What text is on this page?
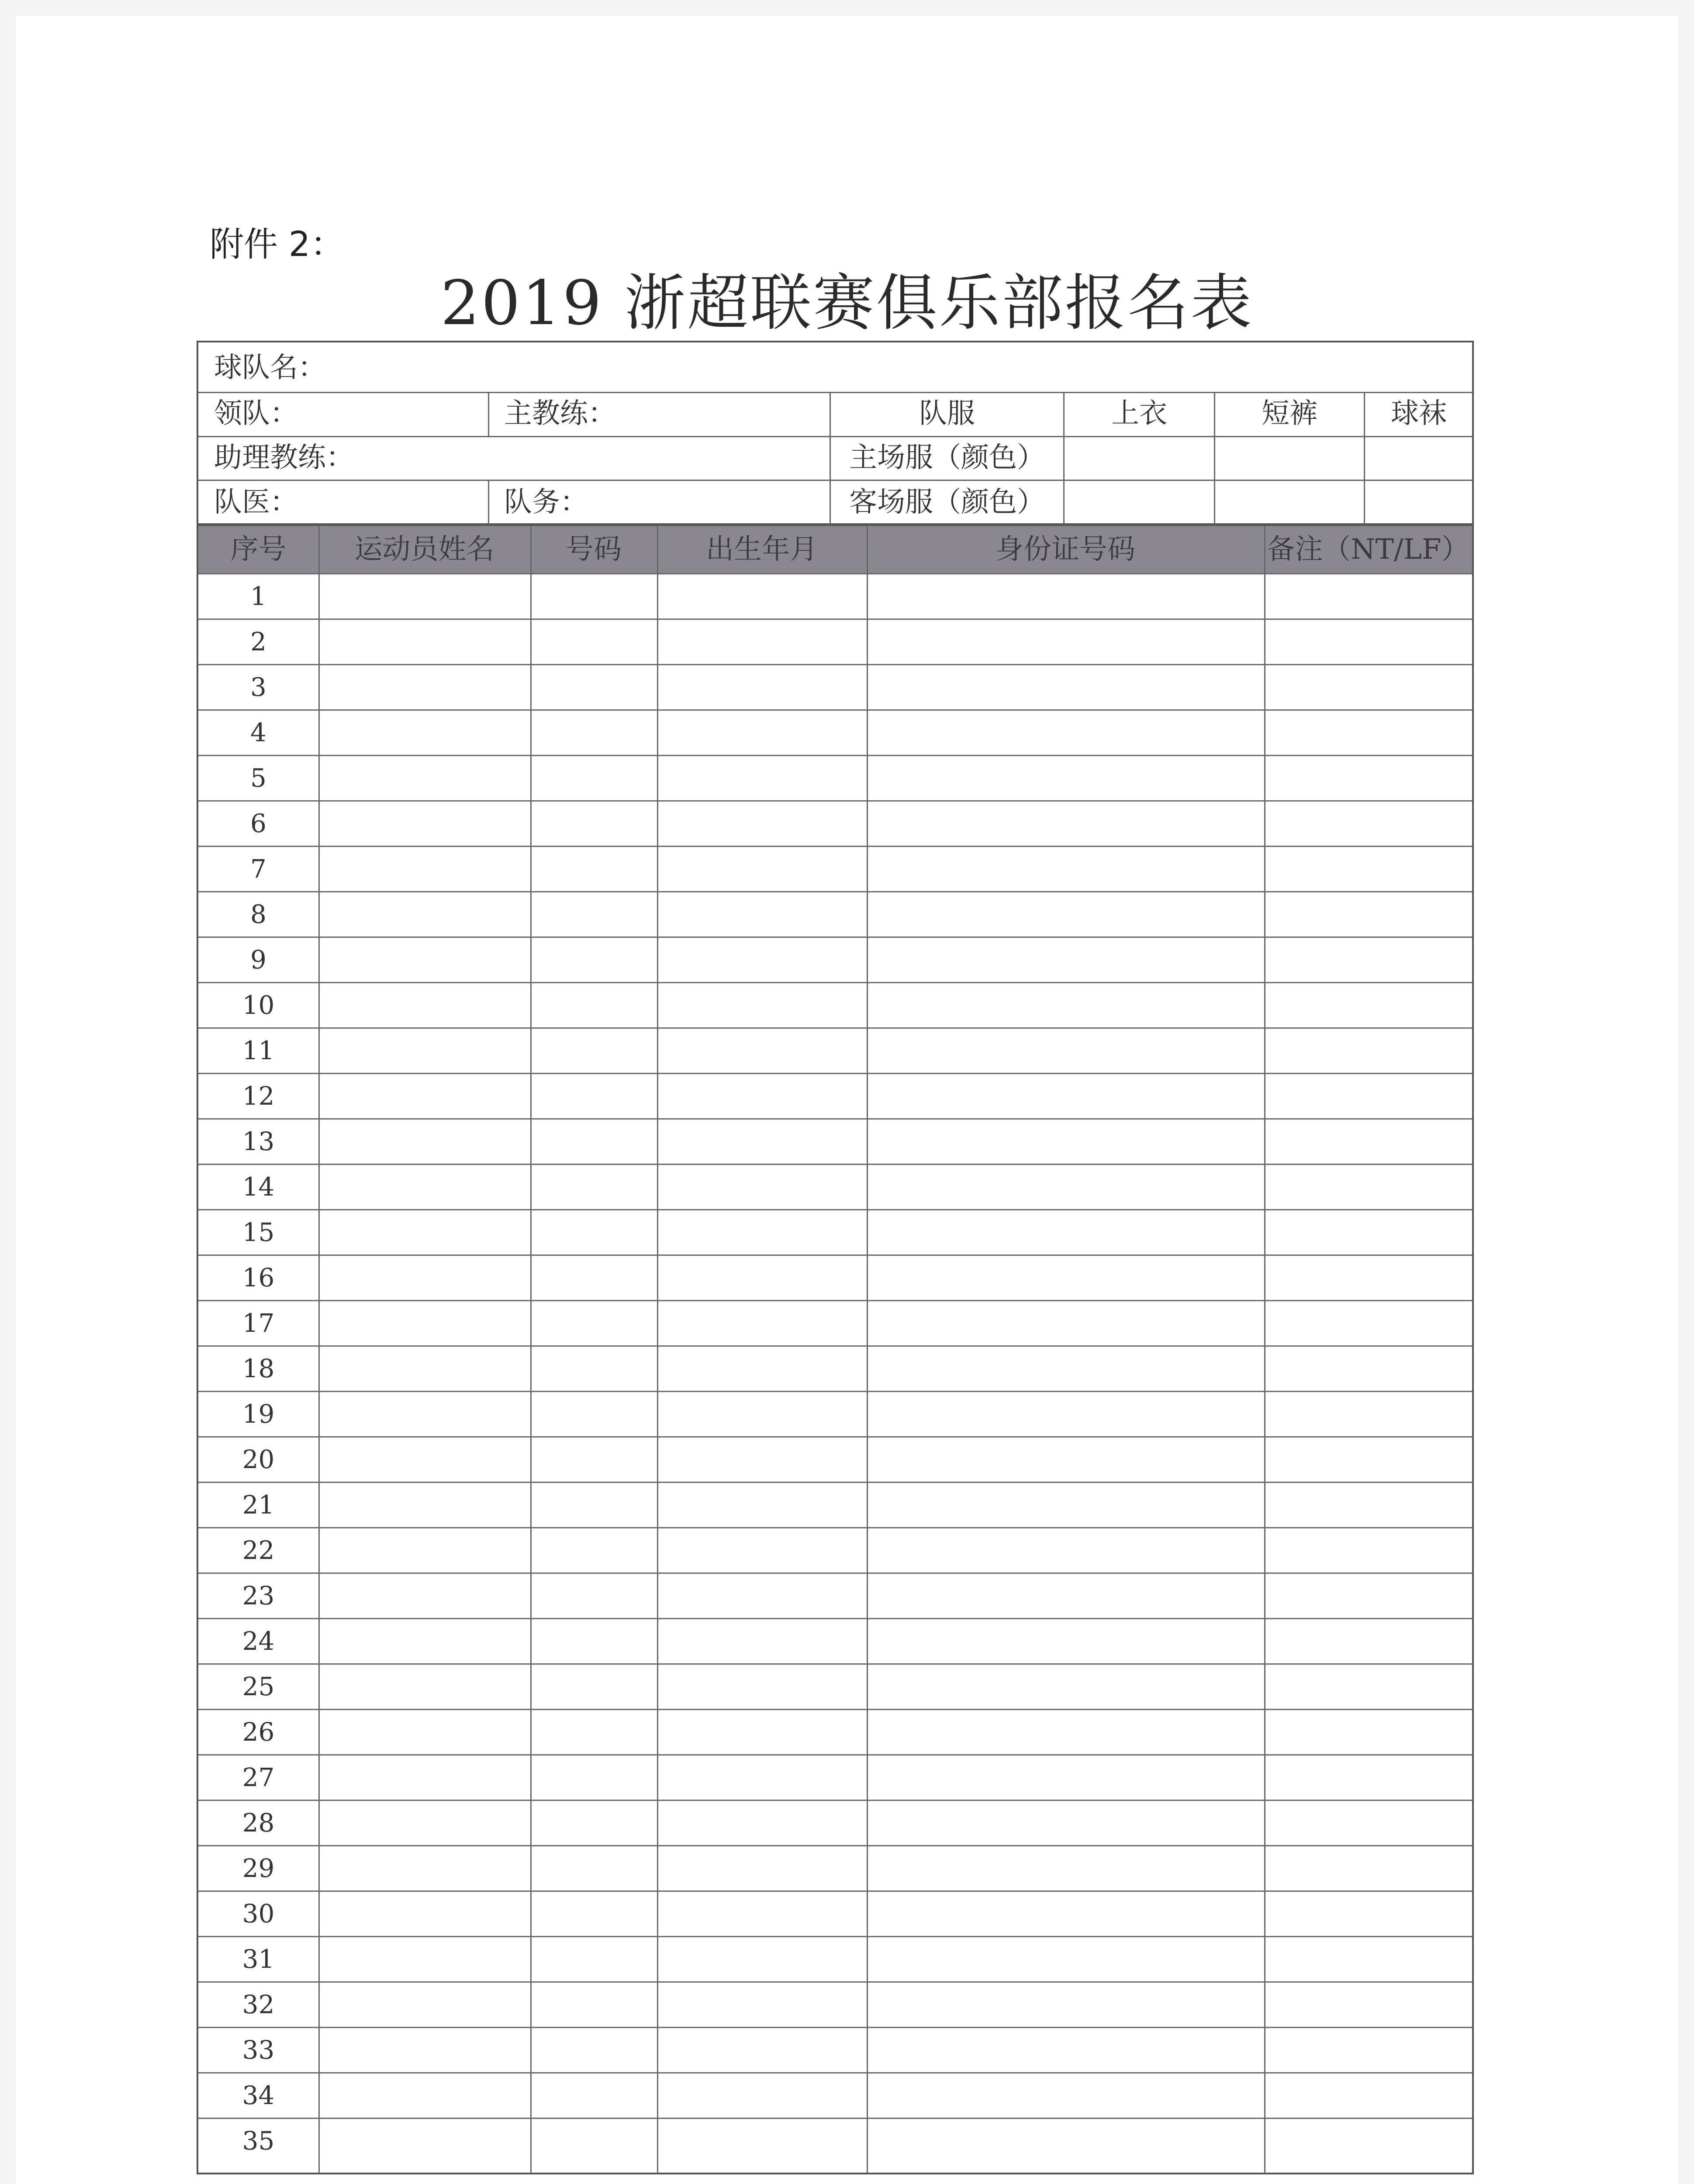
附件 2：
2019 浙超联赛俱乐部报名表
球队名：
领队：	主教练：	队服	上衣	短裤	球袜
助理教练：	主场服（颜色）
队医：	队务：	客场服（颜色）
序号	运动员姓名	号码	出生年月	身份证号码	备注（NT/LF）
1
2
3
4
5
6
7
8
9
10
11
12
13
14
15
16
17
18
19
20
21
22
23
24
25
26
27
28
29
30
31
32
33
34
35
